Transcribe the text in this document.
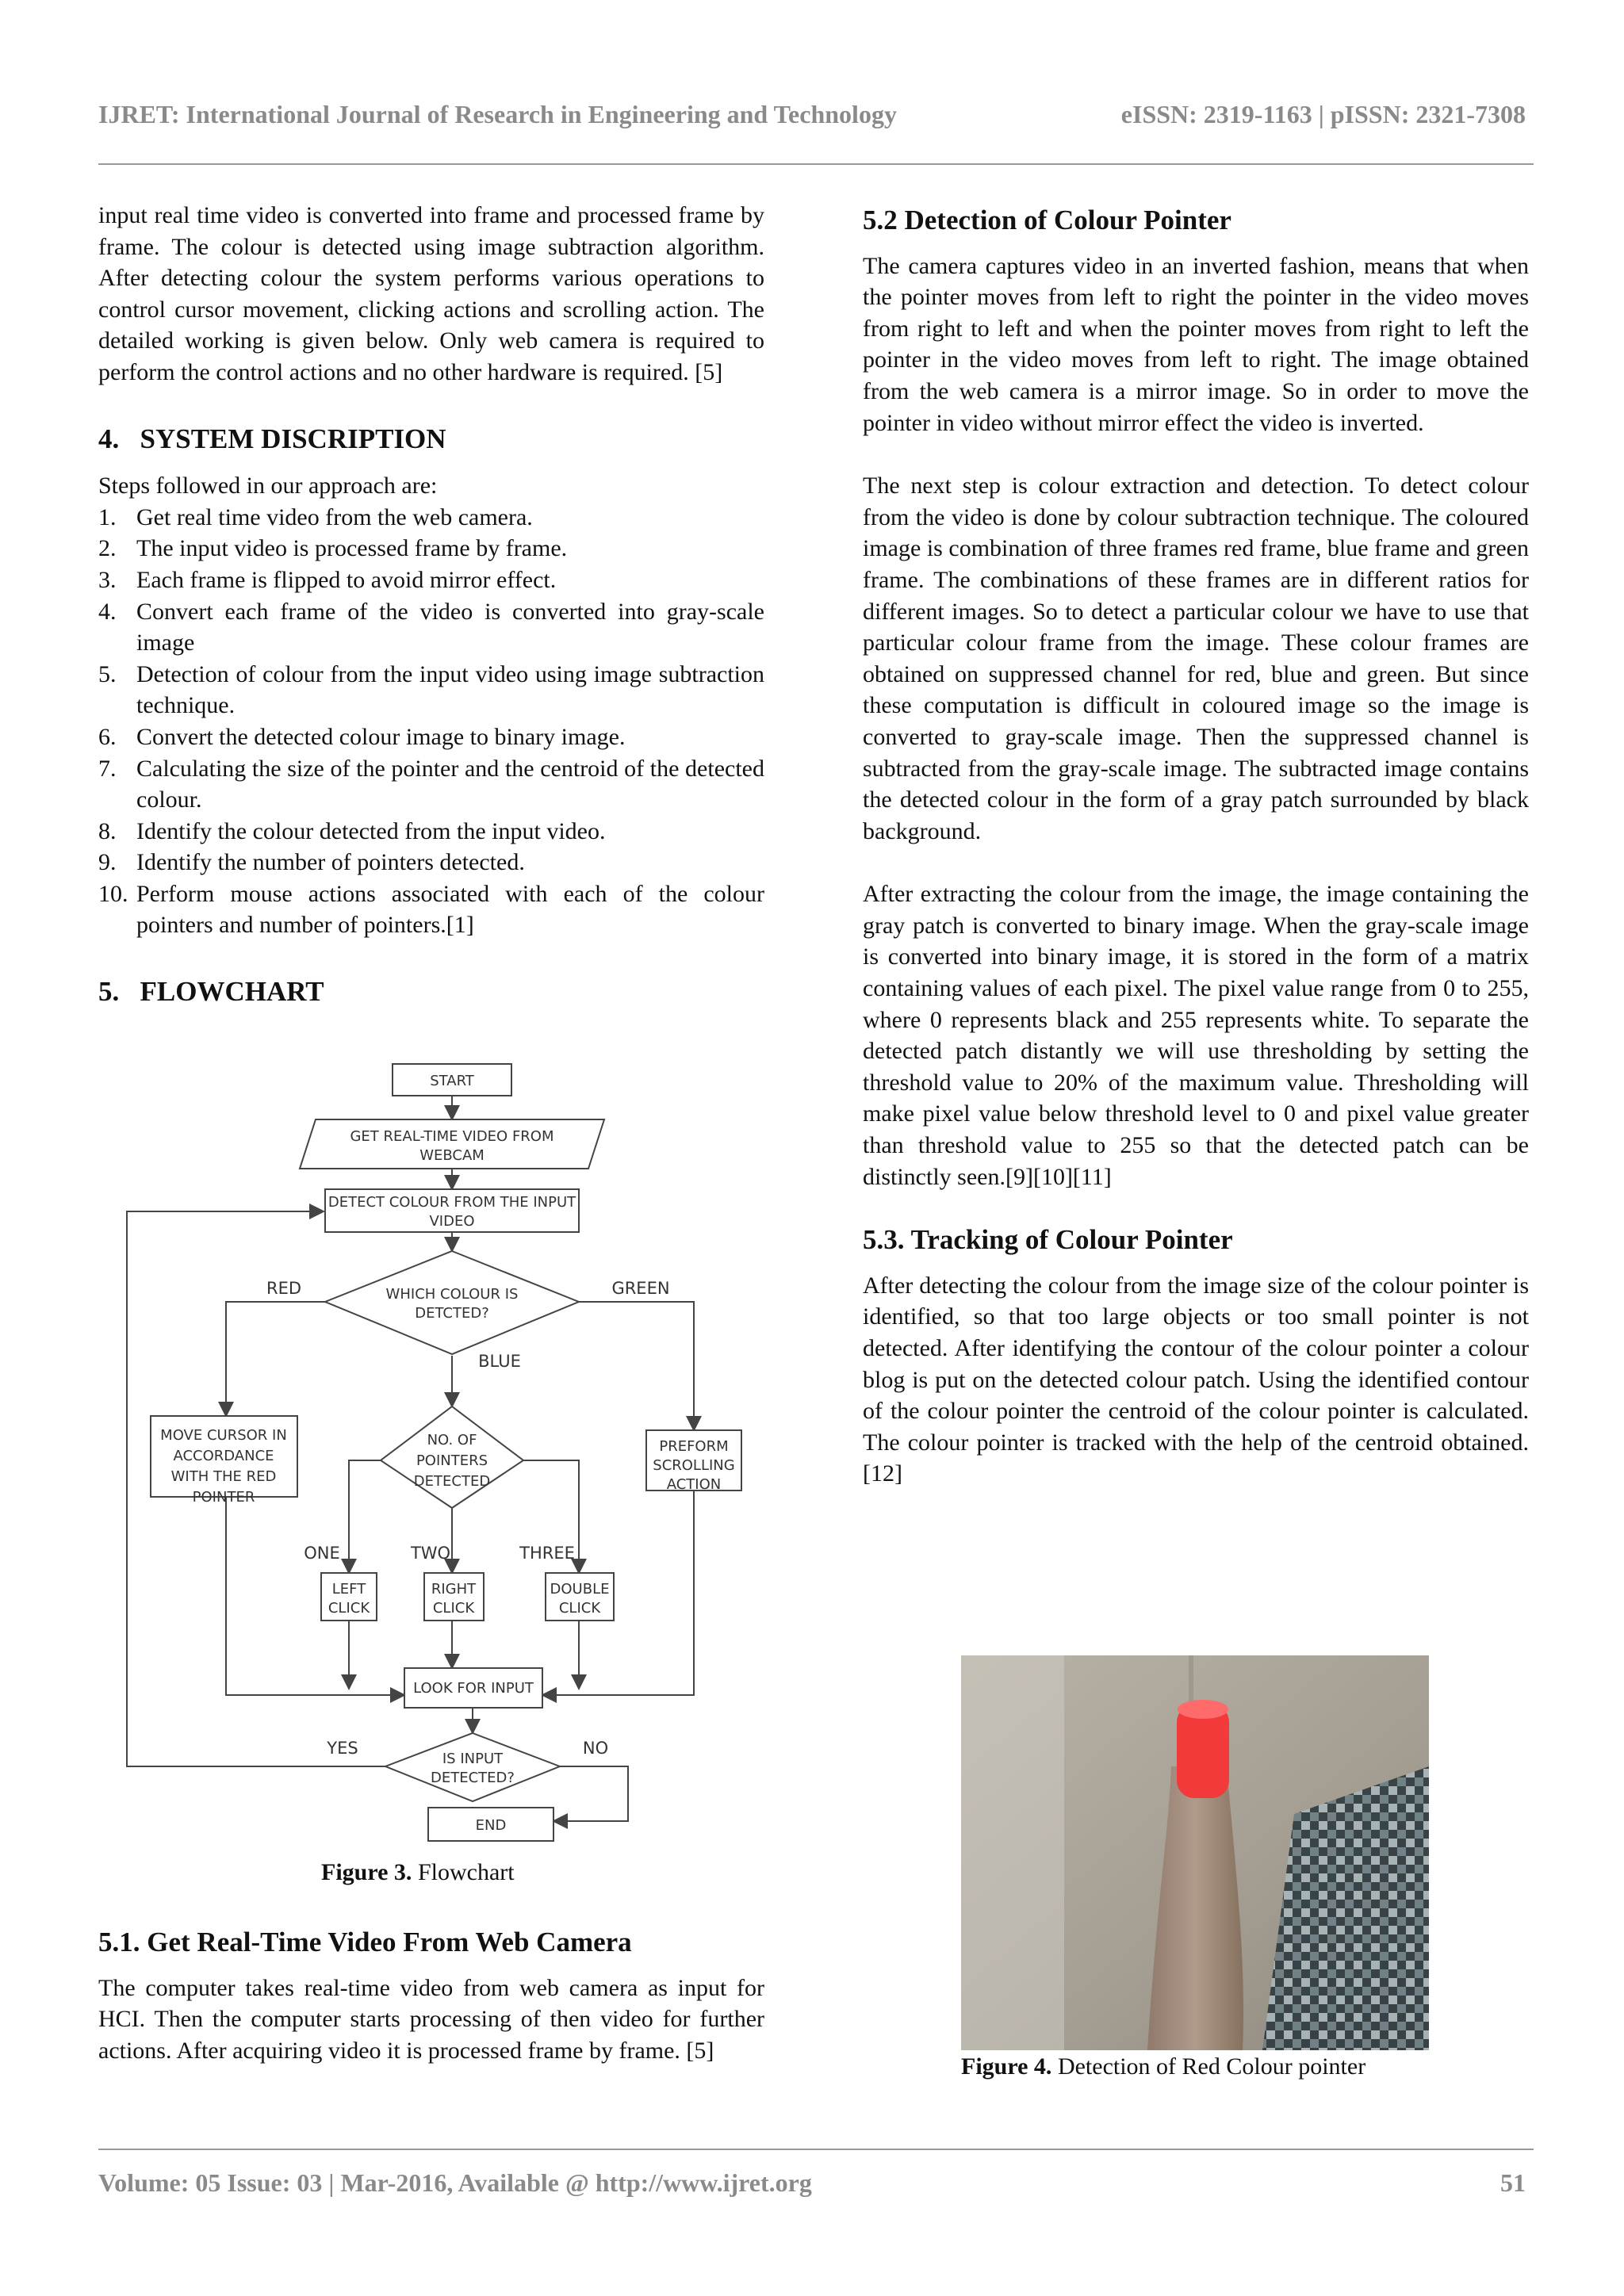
IJRET: International Journal of Research in Engineering and Technology	eISSN: 2319-1163 | pISSN: 2321-7308

input real time video is converted into frame and processed frame by frame. The colour is detected using image subtraction algorithm. After detecting colour the system performs various operations to control cursor movement, clicking actions and scrolling action. The detailed working is given below. Only web camera is required to perform the control actions and no other hardware is required. [5]

4. SYSTEM DISCRIPTION

Steps followed in our approach are:

1. Get real time video from the web camera.
2. The input video is processed frame by frame.
3. Each frame is flipped to avoid mirror effect.
4. Convert each frame of the video is converted into gray-scale image
5. Detection of colour from the input video using image subtraction technique.
6. Convert the detected colour image to binary image.
7. Calculating the size of the pointer and the centroid of the detected colour.
8. Identify the colour detected from the input video.
9. Identify the number of pointers detected.
10. Perform mouse actions associated with each of the colour pointers and number of pointers.[1]
5. FLOWCHART
START
GET REAL-TIME VIDEO FROM
WEBCAM
DETECT COLOUR FROM THE INPUT
VIDEO
WHICH COLOUR IS
DETCTED?
MOVE CURSOR IN
ACCORDANCE
WITH THE RED
POINTER
NO. OF
POINTERS
DETECTED
PREFORM
SCROLLING
ACTION
LEFT
CLICK
RIGHT
CLICK
DOUBLE
CLICK
LOOK FOR INPUT
IS INPUT
DETECTED?
END
RED	GREEN
BLUE
ONE	TWO	THREE
YES	NO
Figure 3. Flowchart
5.1. Get Real-Time Video From Web Camera

The computer takes real-time video from web camera as input for HCI. Then the computer starts processing of then video for further actions. After acquiring video it is processed frame by frame. [5]

5.2 Detection of Colour Pointer

The camera captures video in an inverted fashion, means that when the pointer moves from left to right the pointer in the video moves from right to left and when the pointer moves from right to left the pointer in the video moves from left to right. The image obtained from the web camera is a mirror image. So in order to move the pointer in video without mirror effect the video is inverted.

The next step is colour extraction and detection. To detect colour from the video is done by colour subtraction technique. The coloured image is combination of three frames red frame, blue frame and green frame. The combinations of these frames are in different ratios for different images. So to detect a particular colour we have to use that particular colour frame from the image. These colour frames are obtained on suppressed channel for red, blue and green. But since these computation is difficult in coloured image so the image is converted to gray-scale image. Then the suppressed channel is subtracted from the gray-scale image. The subtracted image contains the detected colour in the form of a gray patch surrounded by black background.

After extracting the colour from the image, the image containing the gray patch is converted to binary image. When the gray-scale image is converted into binary image, it is stored in the form of a matrix containing values of each pixel. The pixel value range from 0 to 255, where 0 represents black and 255 represents white. To separate the detected patch distantly we will use thresholding by setting the threshold value to 20% of the maximum value. Thresholding will make pixel value below threshold level to 0 and pixel value greater than threshold value to 255 so that the detected patch can be distinctly seen.[9][10][11]

5.3. Tracking of Colour Pointer

After detecting the colour from the image size of the colour pointer is identified, so that too large objects or too small pointer is not detected. After identifying the contour of the colour pointer a colour blog is put on the detected colour patch. Using the identified contour of the colour pointer the centroid of the colour pointer is calculated. The colour pointer is tracked with the help of the centroid obtained. [12]

Figure 4. Detection of Red Colour pointer
Volume: 05 Issue: 03 | Mar-2016, Available @ http://www.ijret.org	51
